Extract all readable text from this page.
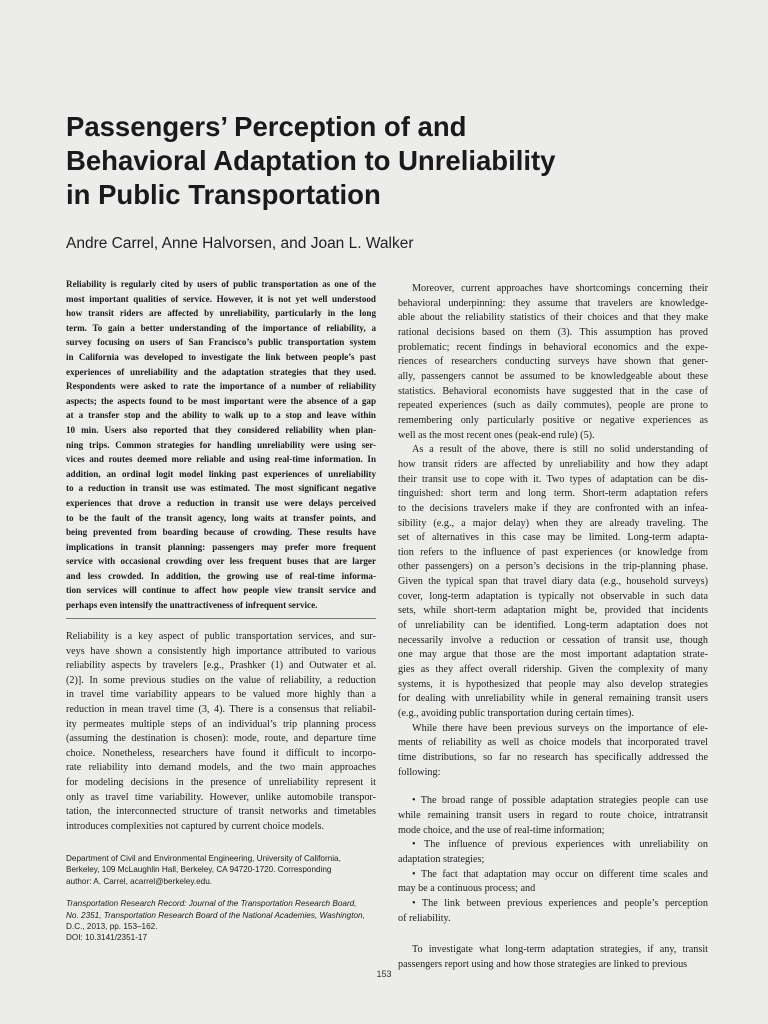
Passengers’ Perception of and
Behavioral Adaptation to Unreliability
in Public Transportation

Andre Carrel, Anne Halvorsen, and Joan L. Walker

Reliability is regularly cited by users of public transportation as one of the
most important qualities of service. However, it is not yet well understood
how transit riders are affected by unreliability, particularly in the long
term. To gain a better understanding of the importance of reliability, a
survey focusing on users of San Francisco’s public transportation system
in California was developed to investigate the link between people’s past
experiences of unreliability and the adaptation strategies that they used.
Respondents were asked to rate the importance of a number of reliability
aspects; the aspects found to be most important were the absence of a gap
at a transfer stop and the ability to walk up to a stop and leave within
10 min. Users also reported that they considered reliability when plan-
ning trips. Common strategies for handling unreliability were using ser-
vices and routes deemed more reliable and using real-time information. In
addition, an ordinal logit model linking past experiences of unreliability
to a reduction in transit use was estimated. The most significant negative
experiences that drove a reduction in transit use were delays perceived
to be the fault of the transit agency, long waits at transfer points, and
being prevented from boarding because of crowding. These results have
implications in transit planning: passengers may prefer more frequent
service with occasional crowding over less frequent buses that are larger
and less crowded. In addition, the growing use of real-time informa-
tion services will continue to affect how people view transit service and
perhaps even intensify the unattractiveness of infrequent service.
Reliability is a key aspect of public transportation services, and sur-
veys have shown a consistently high importance attributed to various
reliability aspects by travelers [e.g., Prashker (1) and Outwater et al.
(2)]. In some previous studies on the value of reliability, a reduction
in travel time variability appears to be valued more highly than a
reduction in mean travel time (3, 4). There is a consensus that reliabil-
ity permeates multiple steps of an individual’s trip planning process
(assuming the destination is chosen): mode, route, and departure time
choice. Nonetheless, researchers have found it difficult to incorpo-
rate reliability into demand models, and the two main approaches
for modeling decisions in the presence of unreliability represent it
only as travel time variability. However, unlike automobile transpor-
tation, the interconnected structure of transit networks and timetables
introduces complexities not captured by current choice models.
Department of Civil and Environmental Engineering, University of California,
Berkeley, 109 McLaughlin Hall, Berkeley, CA 94720-1720. Corresponding
author: A. Carrel, acarrel@berkeley.edu.
Transportation Research Record: Journal of the Transportation Research Board,
No. 2351, Transportation Research Board of the National Academies, Washington,
D.C., 2013, pp. 153–162.
DOI: 10.3141/2351-17
Moreover, current approaches have shortcomings concerning their
behavioral underpinning: they assume that travelers are knowledge-
able about the reliability statistics of their choices and that they make
rational decisions based on them (3). This assumption has proved
problematic; recent findings in behavioral economics and the expe-
riences of researchers conducting surveys have shown that gener-
ally, passengers cannot be assumed to be knowledgeable about these
statistics. Behavioral economists have suggested that in the case of
repeated experiences (such as daily commutes), people are prone to
remembering only particularly positive or negative experiences as
well as the most recent ones (peak-end rule) (5).
As a result of the above, there is still no solid understanding of
how transit riders are affected by unreliability and how they adapt
their transit use to cope with it. Two types of adaptation can be dis-
tinguished: short term and long term. Short-term adaptation refers
to the decisions travelers make if they are confronted with an infea-
sibility (e.g., a major delay) when they are already traveling. The
set of alternatives in this case may be limited. Long-term adapta-
tion refers to the influence of past experiences (or knowledge from
other passengers) on a person’s decisions in the trip-planning phase.
Given the typical span that travel diary data (e.g., household surveys)
cover, long-term adaptation is typically not observable in such data
sets, while short-term adaptation might be, provided that incidents
of unreliability can be identified. Long-term adaptation does not
necessarily involve a reduction or cessation of transit use, though
one may argue that those are the most important adaptation strate-
gies as they affect overall ridership. Given the complexity of many
systems, it is hypothesized that people may also develop strategies
for dealing with unreliability while in general remaining transit users
(e.g., avoiding public transportation during certain times).
While there have been previous surveys on the importance of ele-
ments of reliability as well as choice models that incorporated travel
time distributions, so far no research has specifically addressed the
following:
• The broad range of possible adaptation strategies people can use
while remaining transit users in regard to route choice, intratransit
mode choice, and the use of real-time information;
• The influence of previous experiences with unreliability on
adaptation strategies;
• The fact that adaptation may occur on different time scales and
may be a continuous process; and
• The link between previous experiences and people’s perception
of reliability.
To investigate what long-term adaptation strategies, if any, transit
passengers report using and how those strategies are linked to previous
153
